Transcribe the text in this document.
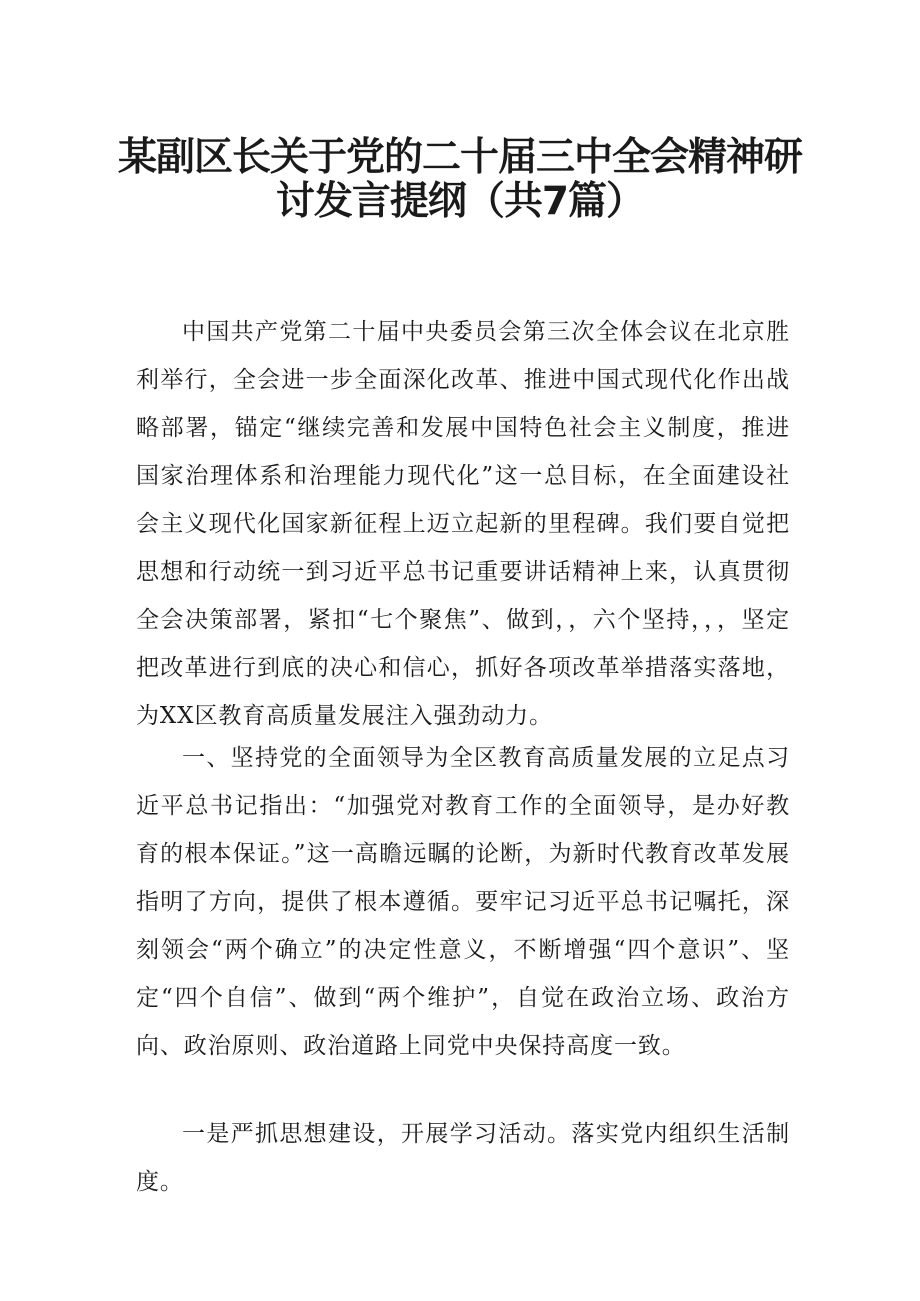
某副区长关于党的二十届三中全会精神研
讨发言提纲（共7篇）

中国共产党第二十届中央委员会第三次全体会议在北京胜利举行，全会进一步全面深化改革、推进中国式现代化作出战略部署，锚定“继续完善和发展中国特色社会主义制度，推进国家治理体系和治理能力现代化”这一总目标，在全面建设社会主义现代化国家新征程上迈立起新的里程碑。我们要自觉把思想和行动统一到习近平总书记重要讲话精神上来，认真贯彻全会决策部署，紧扣“七个聚焦”、做到，，六个坚持，，，坚定把改革进行到底的决心和信心，抓好各项改革举措落实落地，为XX区教育高质量发展注入强劲动力。

一、坚持党的全面领导为全区教育高质量发展的立足点习近平总书记指出：“加强党对教育工作的全面领导，是办好教育的根本保证。”这一高瞻远瞩的论断，为新时代教育改革发展指明了方向，提供了根本遵循。要牢记习近平总书记嘱托，深刻领会“两个确立”的决定性意义，不断增强“四个意识”、坚定“四个自信”、做到“两个维护”，自觉在政治立场、政治方向、政治原则、政治道路上同党中央保持高度一致。

一是严抓思想建设，开展学习活动。落实党内组织生活制度。
